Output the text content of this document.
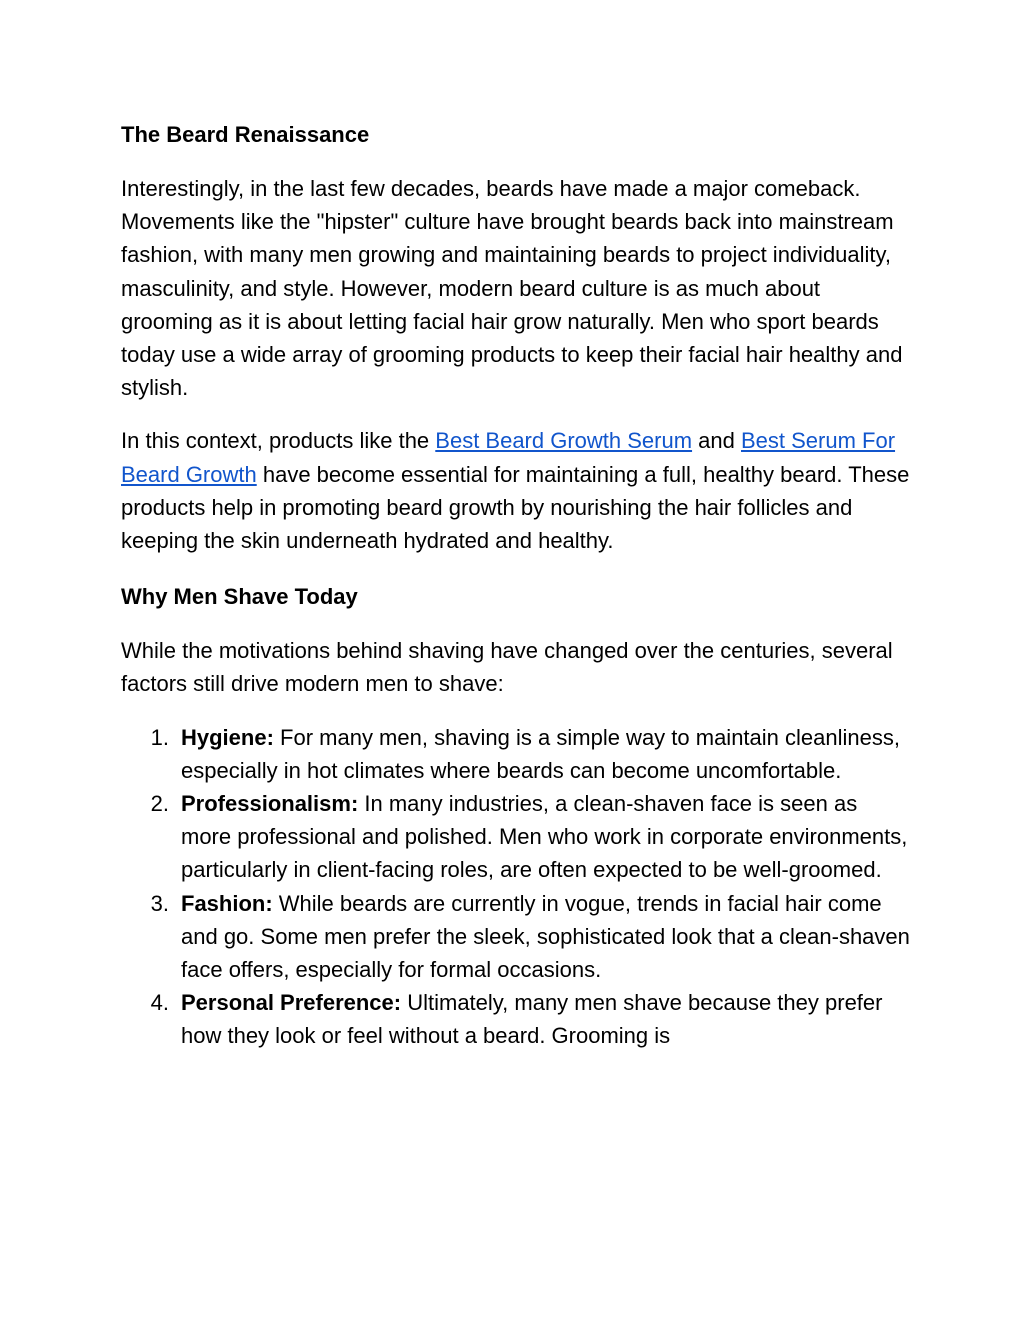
The Beard Renaissance

Interestingly, in the last few decades, beards have made a major comeback. Movements like the "hipster" culture have brought beards back into mainstream fashion, with many men growing and maintaining beards to project individuality, masculinity, and style. However, modern beard culture is as much about grooming as it is about letting facial hair grow naturally. Men who sport beards today use a wide array of grooming products to keep their facial hair healthy and stylish.

In this context, products like the Best Beard Growth Serum and Best Serum For Beard Growth have become essential for maintaining a full, healthy beard. These products help in promoting beard growth by nourishing the hair follicles and keeping the skin underneath hydrated and healthy.

Why Men Shave Today

While the motivations behind shaving have changed over the centuries, several factors still drive modern men to shave:

1. Hygiene: For many men, shaving is a simple way to maintain cleanliness, especially in hot climates where beards can become uncomfortable.
2. Professionalism: In many industries, a clean-shaven face is seen as more professional and polished. Men who work in corporate environments, particularly in client-facing roles, are often expected to be well-groomed.
3. Fashion: While beards are currently in vogue, trends in facial hair come and go. Some men prefer the sleek, sophisticated look that a clean-shaven face offers, especially for formal occasions.
4. Personal Preference: Ultimately, many men shave because they prefer how they look or feel without a beard. Grooming is
